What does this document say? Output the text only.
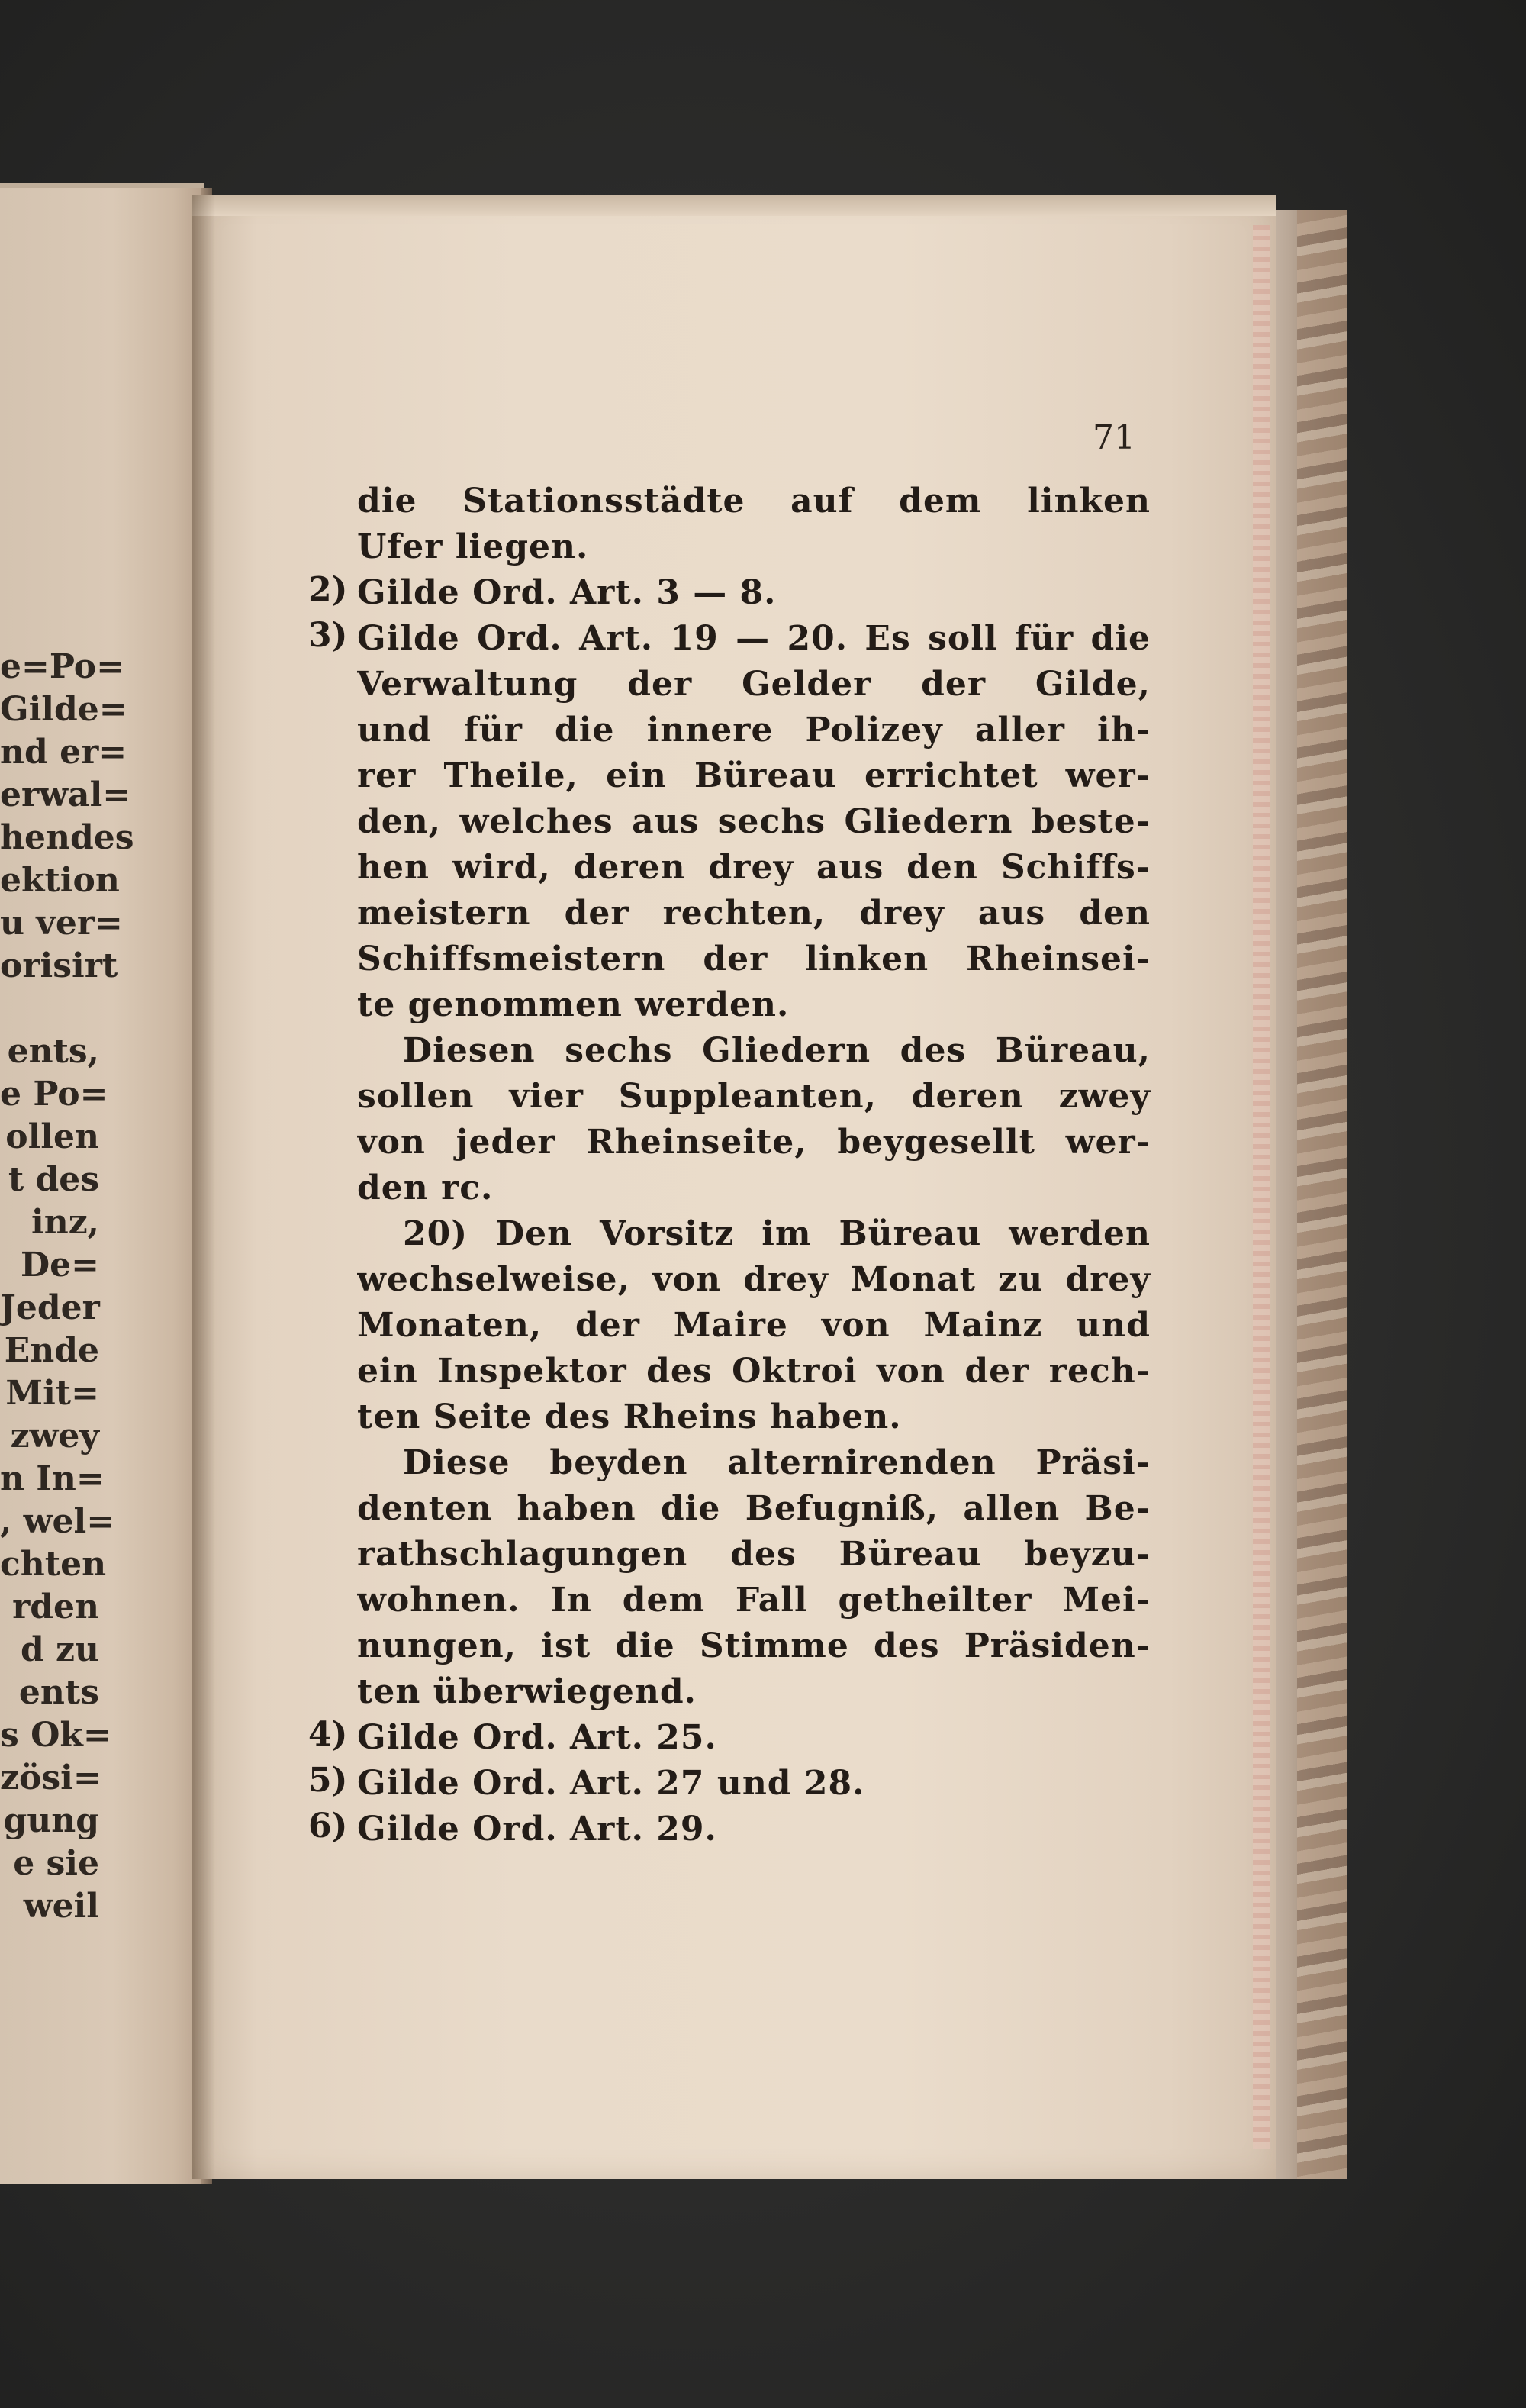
e=Po=
Gilde=
nd er=
erwal=
hendes
ektion
u ver=
orisirt
ents,
e Po=
ollen
t des
inz,
De=
Jeder
Ende
Mit=
zwey
n In=
, wel=
chten
rden
d zu
ents
s Ok=
zösi=
gung
e sie
weil
71
die Stationsstädte auf dem linken
Ufer liegen.
2) Gilde Ord. Art. 3 — 8.
3) Gilde Ord. Art. 19 — 20. Es soll für die
Verwaltung der Gelder der Gilde,
und für die innere Polizey aller ih-
rer Theile, ein Büreau errichtet wer-
den, welches aus sechs Gliedern beste-
hen wird, deren drey aus den Schiffs-
meistern der rechten, drey aus den
Schiffsmeistern der linken Rheinsei-
te genommen werden.
Diesen sechs Gliedern des Büreau,
sollen vier Suppleanten, deren zwey
von jeder Rheinseite, beygesellt wer-
den rc.
20) Den Vorsitz im Büreau werden
wechselweise, von drey Monat zu drey
Monaten, der Maire von Mainz und
ein Inspektor des Oktroi von der rech-
ten Seite des Rheins haben.
Diese beyden alternirenden Präsi-
denten haben die Befugniß, allen Be-
rathschlagungen des Büreau beyzu-
wohnen. In dem Fall getheilter Mei-
nungen, ist die Stimme des Präsiden-
ten überwiegend.
4) Gilde Ord. Art. 25.
5) Gilde Ord. Art. 27 und 28.
6) Gilde Ord. Art. 29.
